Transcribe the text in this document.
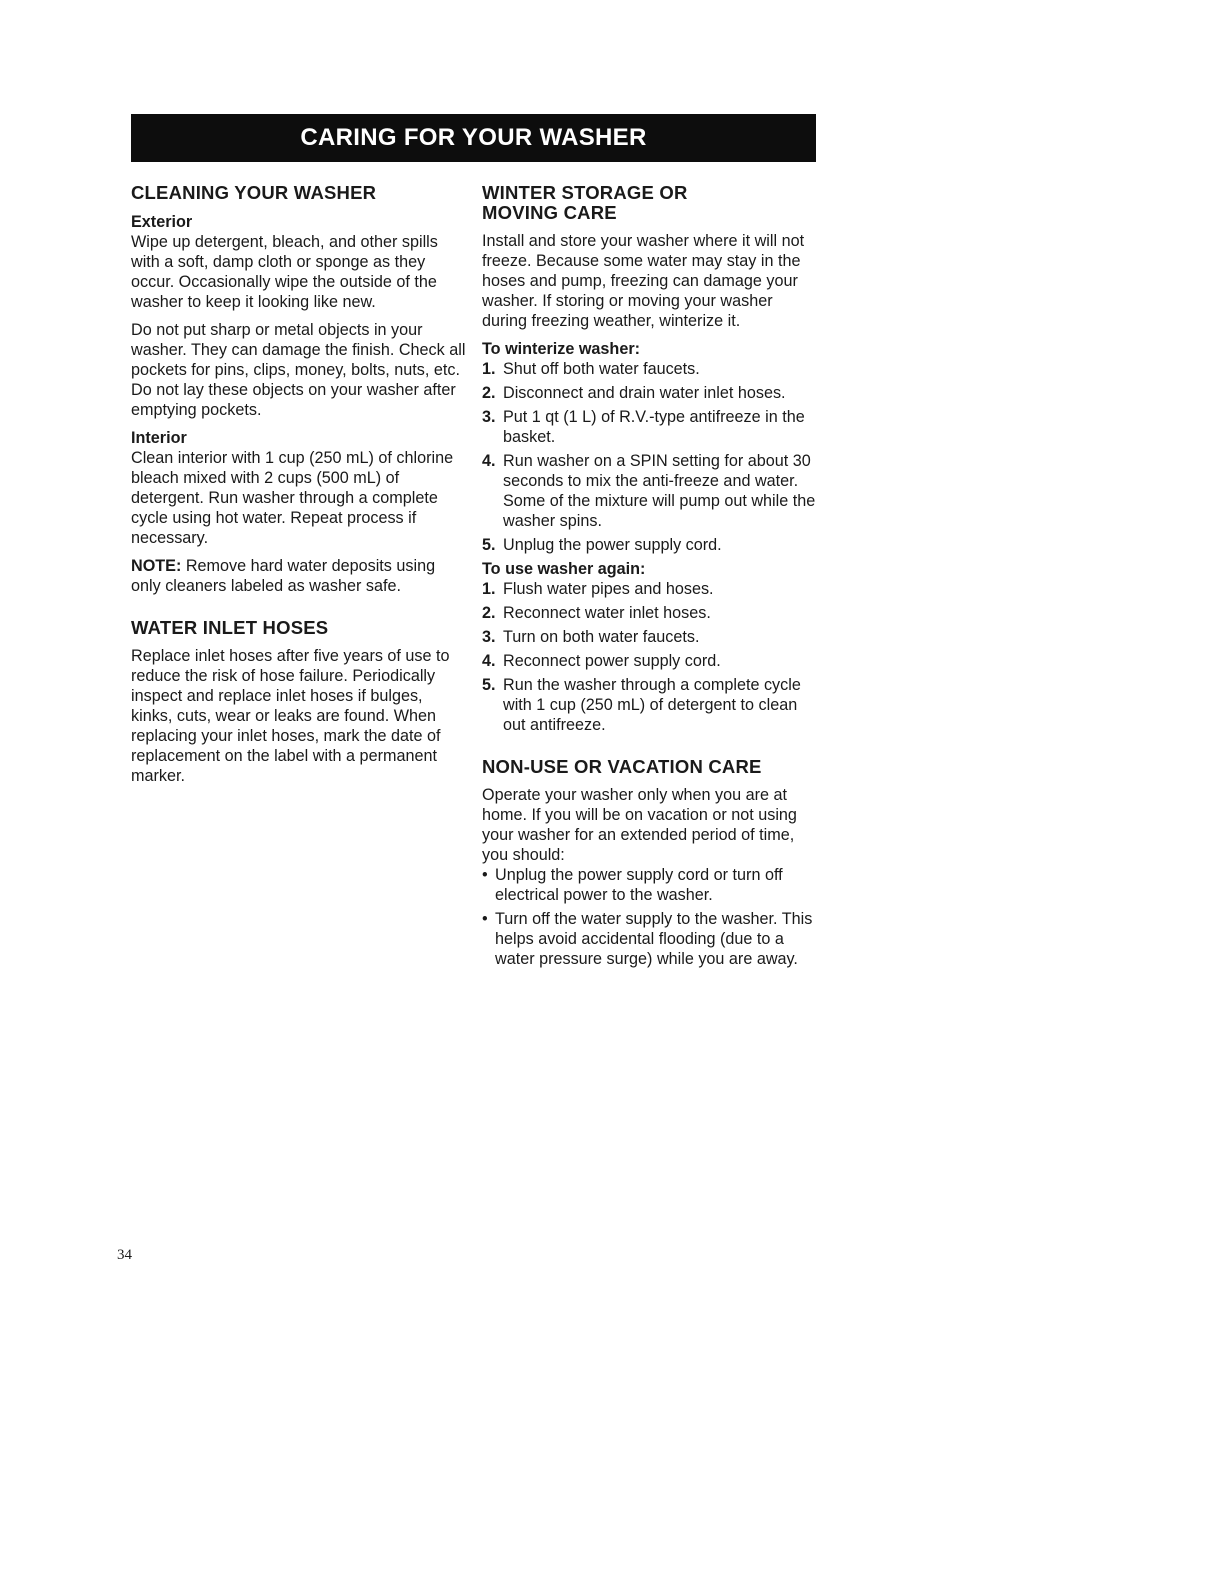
CARING FOR YOUR WASHER
CLEANING YOUR WASHER
Exterior

Wipe up detergent, bleach, and other spills with a soft, damp cloth or sponge as they occur. Occasionally wipe the outside of the washer to keep it looking like new.

Do not put sharp or metal objects in your washer. They can damage the finish. Check all pockets for pins, clips, money, bolts, nuts, etc. Do not lay these objects on your washer after emptying pockets.

Interior

Clean interior with 1 cup (250 mL) of chlorine bleach mixed with 2 cups (500 mL) of detergent. Run washer through a complete cycle using hot water. Repeat process if necessary.

NOTE: Remove hard water deposits using only cleaners labeled as washer safe.

WATER INLET HOSES

Replace inlet hoses after five years of use to reduce the risk of hose failure. Periodically inspect and replace inlet hoses if bulges, kinks, cuts, wear or leaks are found. When replacing your inlet hoses, mark the date of replacement on the label with a permanent marker.

WINTER STORAGE OR
MOVING CARE

Install and store your washer where it will not freeze. Because some water may stay in the hoses and pump, freezing can damage your washer. If storing or moving your washer during freezing weather, winterize it.

To winterize washer:
1. Shut off both water faucets.
2. Disconnect and drain water inlet hoses.
3. Put 1 qt (1 L) of R.V.-type antifreeze in the basket.
4. Run washer on a SPIN setting for about 30 seconds to mix the anti-freeze and water. Some of the mixture will pump out while the washer spins.
5. Unplug the power supply cord.
To use washer again:
1. Flush water pipes and hoses.
2. Reconnect water inlet hoses.
3. Turn on both water faucets.
4. Reconnect power supply cord.
5. Run the washer through a complete cycle with 1 cup (250 mL) of detergent to clean out antifreeze.
NON-USE OR VACATION CARE

Operate your washer only when you are at home. If you will be on vacation or not using your washer for an extended period of time, you should:

• Unplug the power supply cord or turn off electrical power to the washer.
• Turn off the water supply to the washer. This helps avoid accidental flooding (due to a water pressure surge) while you are away.
34
